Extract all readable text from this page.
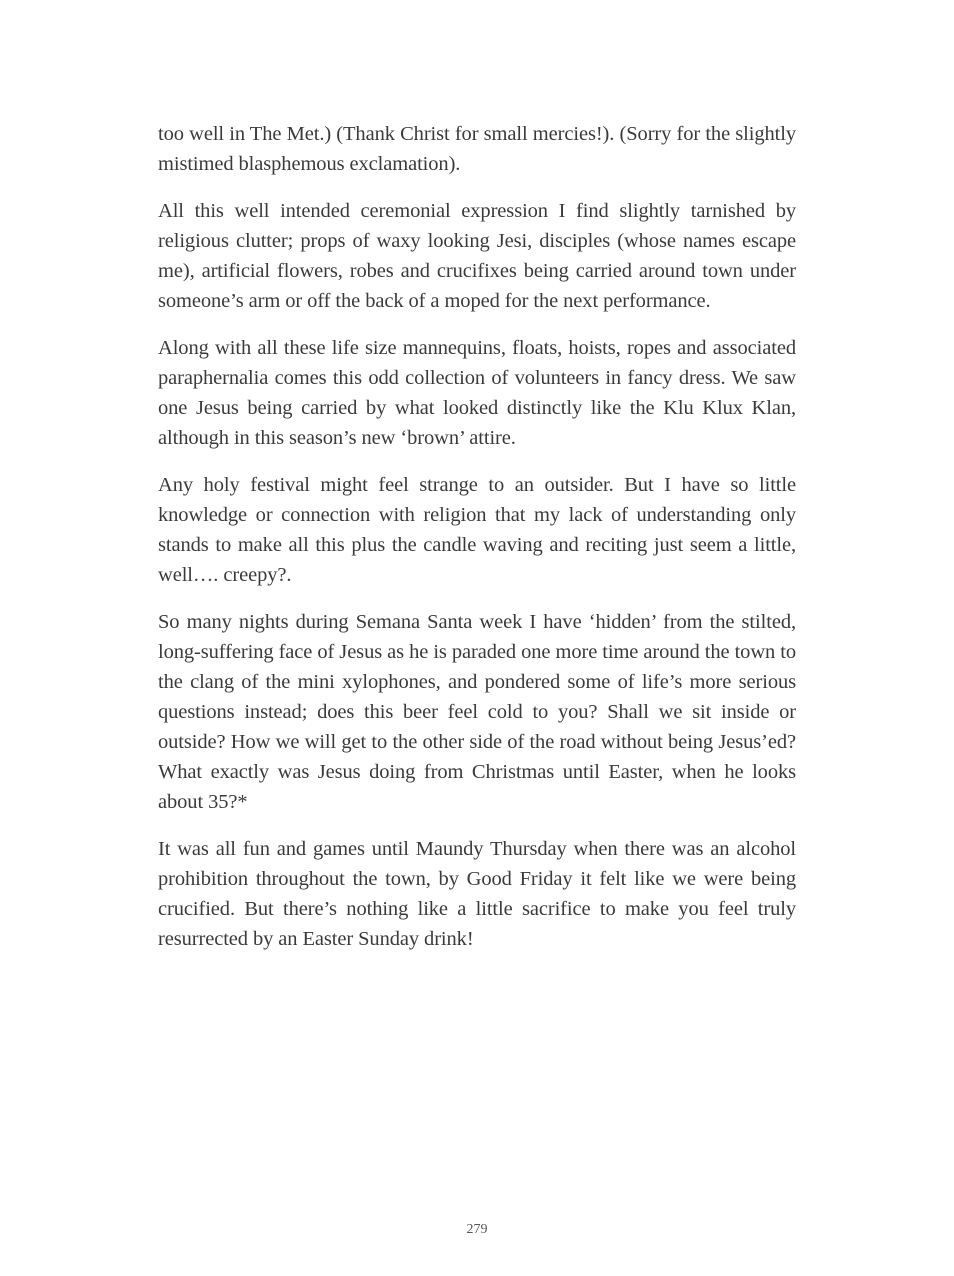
too well in The Met.) (Thank Christ for small mercies!). (Sorry for the slightly mistimed blasphemous exclamation).

All this well intended ceremonial expression I find slightly tarnished by religious clutter; props of waxy looking Jesi, disciples (whose names escape me), artificial flowers, robes and crucifixes being carried around town under someone’s arm or off the back of a moped for the next performance.

Along with all these life size mannequins, floats, hoists, ropes and associated paraphernalia comes this odd collection of volunteers in fancy dress. We saw one Jesus being carried by what looked distinctly like the Klu Klux Klan, although in this season’s new ‘brown’ attire.

Any holy festival might feel strange to an outsider. But I have so little knowledge or connection with religion that my lack of understanding only stands to make all this plus the candle waving and reciting just seem a little, well…. creepy?.

So many nights during Semana Santa week I have ‘hidden’ from the stilted, long-suffering face of Jesus as he is paraded one more time around the town to the clang of the mini xylophones, and pondered some of life’s more serious questions instead; does this beer feel cold to you? Shall we sit inside or outside? How we will get to the other side of the road without being Jesus’ed? What exactly was Jesus doing from Christmas until Easter, when he looks about 35?*

It was all fun and games until Maundy Thursday when there was an alcohol prohibition throughout the town, by Good Friday it felt like we were being crucified. But there’s nothing like a little sacrifice to make you feel truly resurrected by an Easter Sunday drink!

279
